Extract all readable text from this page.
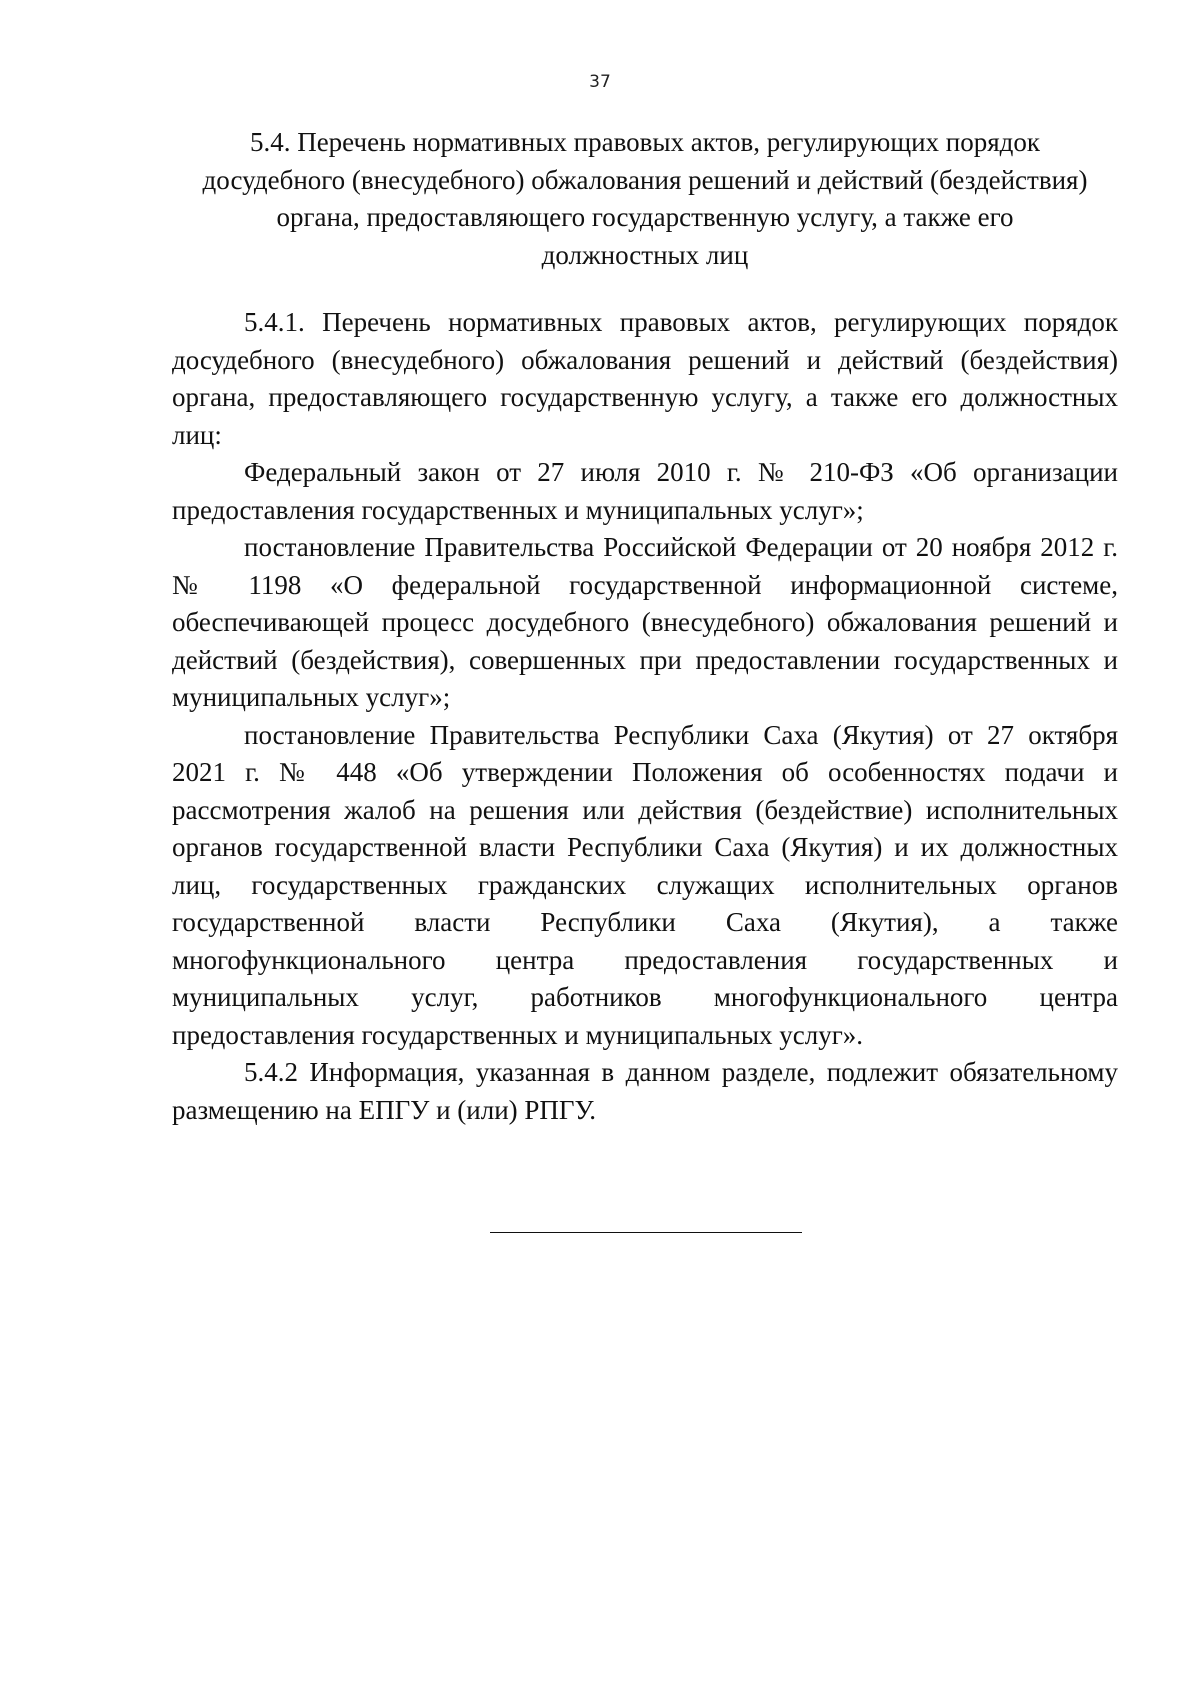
37
5.4. Перечень нормативных правовых актов, регулирующих порядок
досудебного (внесудебного) обжалования решений и действий (бездействия)
органа, предоставляющего государственную услугу, а также его
должностных лиц

5.4.1. Перечень нормативных правовых актов, регулирующих порядок досудебного (внесудебного) обжалования решений и действий (бездействия) органа, предоставляющего государственную услугу, а также его должностных лиц:

Федеральный закон от 27 июля 2010 г. № 210-ФЗ «Об организации предоставления государственных и муниципальных услуг»;

постановление Правительства Российской Федерации от 20 ноября 2012 г. № 1198 «О федеральной государственной информационной системе, обеспечивающей процесс досудебного (внесудебного) обжалования решений и действий (бездействия), совершенных при предоставлении государственных и муниципальных услуг»;

постановление Правительства Республики Саха (Якутия) от 27 октября 2021 г. № 448 «Об утверждении Положения об особенностях подачи и рассмотрения жалоб на решения или действия (бездействие) исполнительных органов государственной власти Республики Саха (Якутия) и их должностных лиц, государственных гражданских служащих исполнительных органов государственной власти Республики Саха (Якутия), а также многофункционального центра предоставления государственных и муниципальных услуг, работников многофункционального центра предоставления государственных и муниципальных услуг».

5.4.2 Информация, указанная в данном разделе, подлежит обязательному размещению на ЕПГУ и (или) РПГУ.
